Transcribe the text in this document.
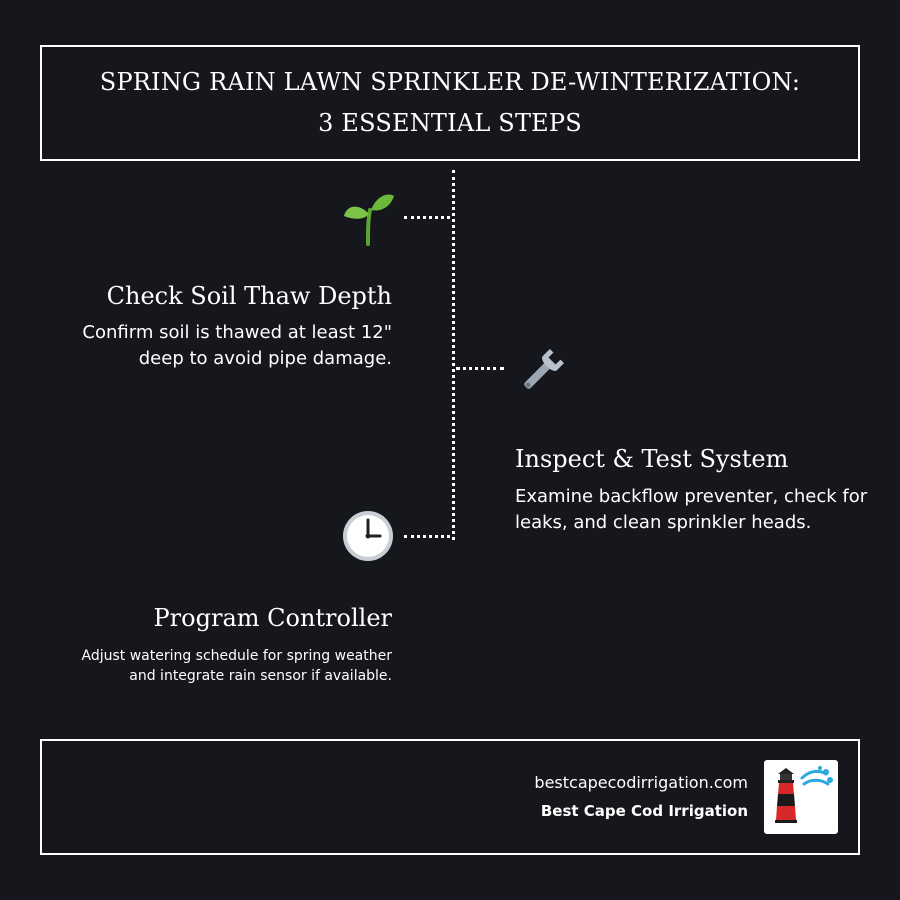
SPRING RAIN LAWN SPRINKLER DE-WINTERIZATION: 3 ESSENTIAL STEPS
Check Soil Thaw Depth
Confirm soil is thawed at least 12" deep to avoid pipe damage.
Inspect & Test System
Examine backflow preventer, check for leaks, and clean sprinkler heads.
Program Controller
Adjust watering schedule for spring weather and integrate rain sensor if available.
bestcapecodirrigation.com
Best Cape Cod Irrigation
